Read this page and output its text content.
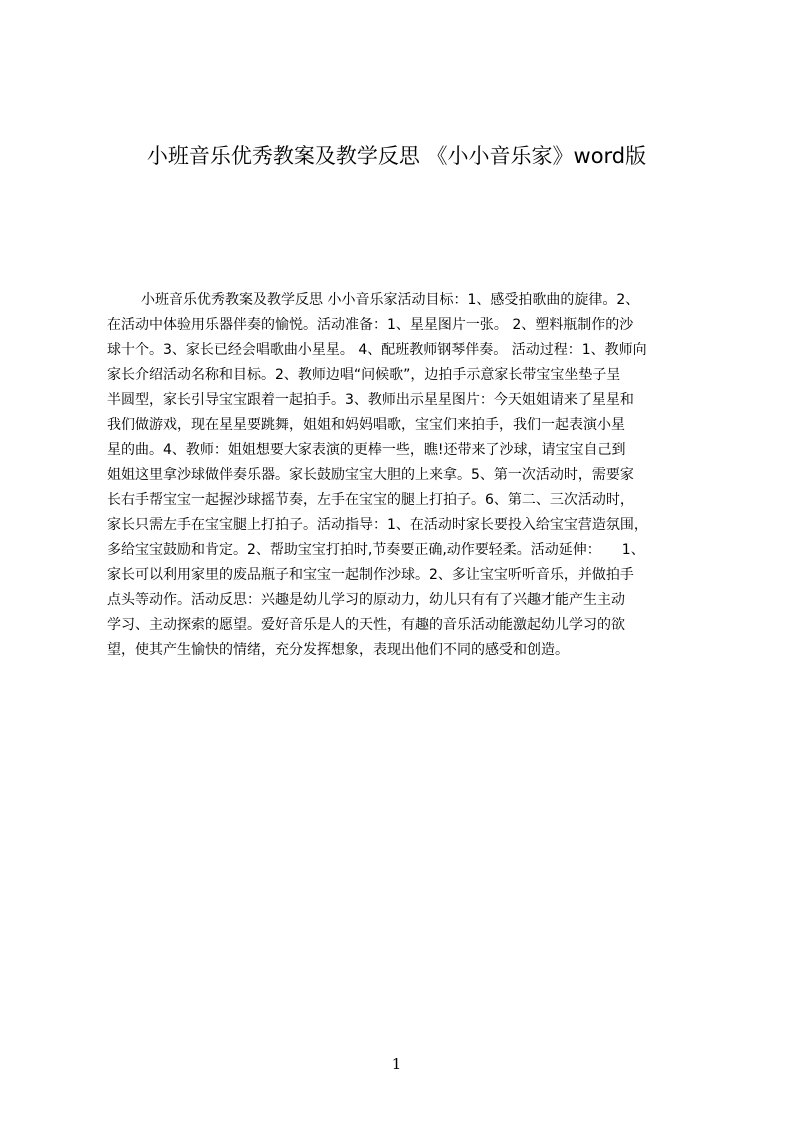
小班音乐优秀教案及教学反思 《小小音乐家》word版
小班音乐优秀教案及教学反思 小小音乐家活动目标：1、感受拍歌曲的旋律。2、
在活动中体验用乐器伴奏的愉悦。活动准备：1、星星图片一张。 2、塑料瓶制作的沙
球十个。3、家长已经会唱歌曲小星星。 4、配班教师钢琴伴奏。 活动过程：1、教师向
家长介绍活动名称和目标。2、教师边唱“问候歌”，边拍手示意家长带宝宝坐垫子呈
半圆型，家长引导宝宝跟着一起拍手。3、教师出示星星图片：今天姐姐请来了星星和
我们做游戏，现在星星要跳舞，姐姐和妈妈唱歌，宝宝们来拍手，我们一起表演小星
星的曲。4、教师：姐姐想要大家表演的更棒一些，瞧!还带来了沙球，请宝宝自己到
姐姐这里拿沙球做伴奏乐器。家长鼓励宝宝大胆的上来拿。5、第一次活动时，需要家
长右手帮宝宝一起握沙球摇节奏，左手在宝宝的腿上打拍子。6、第二、三次活动时，
家长只需左手在宝宝腿上打拍子。活动指导：1、在活动时家长要投入给宝宝营造氛围，
多给宝宝鼓励和肯定。2、帮助宝宝打拍时,节奏要正确,动作要轻柔。活动延伸：　　1、
家长可以利用家里的废品瓶子和宝宝一起制作沙球。2、多让宝宝听听音乐，并做拍手
点头等动作。活动反思：兴趣是幼儿学习的原动力，幼儿只有有了兴趣才能产生主动
学习、主动探索的愿望。爱好音乐是人的天性，有趣的音乐活动能激起幼儿学习的欲
望，使其产生愉快的情绪，充分发挥想象，表现出他们不同的感受和创造。
1
